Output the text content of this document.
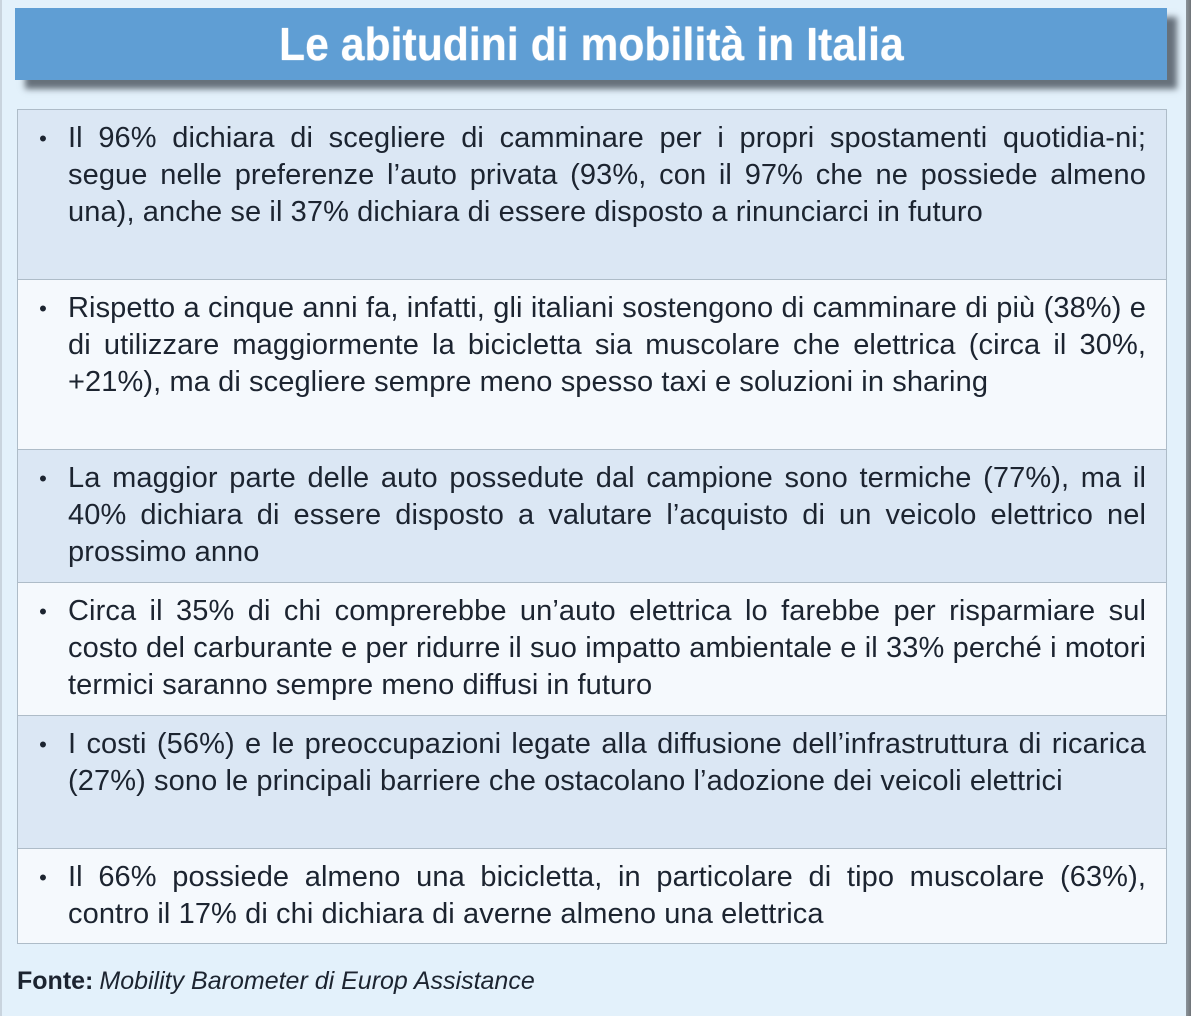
Le abitudini di mobilità in Italia
• Il 96% dichiara di scegliere di camminare per i propri spostamenti quotidia-ni; segue nelle preferenze l’auto privata (93%, con il 97% che ne possiede almeno una), anche se il 37% dichiara di essere disposto a rinunciarci in futuro
• Rispetto a cinque anni fa, infatti, gli italiani sostengono di camminare di più (38%) e di utilizzare maggiormente la bicicletta sia muscolare che elettrica (circa il 30%, +21%), ma di scegliere sempre meno spesso taxi e soluzioni in sharing
• La maggior parte delle auto possedute dal campione sono termiche (77%), ma il 40% dichiara di essere disposto a valutare l’acquisto di un veicolo elettrico nel prossimo anno
• Circa il 35% di chi comprerebbe un’auto elettrica lo farebbe per risparmiare sul costo del carburante e per ridurre il suo impatto ambientale e il 33% perché i motori termici saranno sempre meno diffusi in futuro
• I costi (56%) e le preoccupazioni legate alla diffusione dell’infrastruttura di ricarica (27%) sono le principali barriere che ostacolano l’adozione dei veicoli elettrici
• Il 66% possiede almeno una bicicletta, in particolare di tipo muscolare (63%), contro il 17% di chi dichiara di averne almeno una elettrica
Fonte: Mobility Barometer di Europ Assistance
